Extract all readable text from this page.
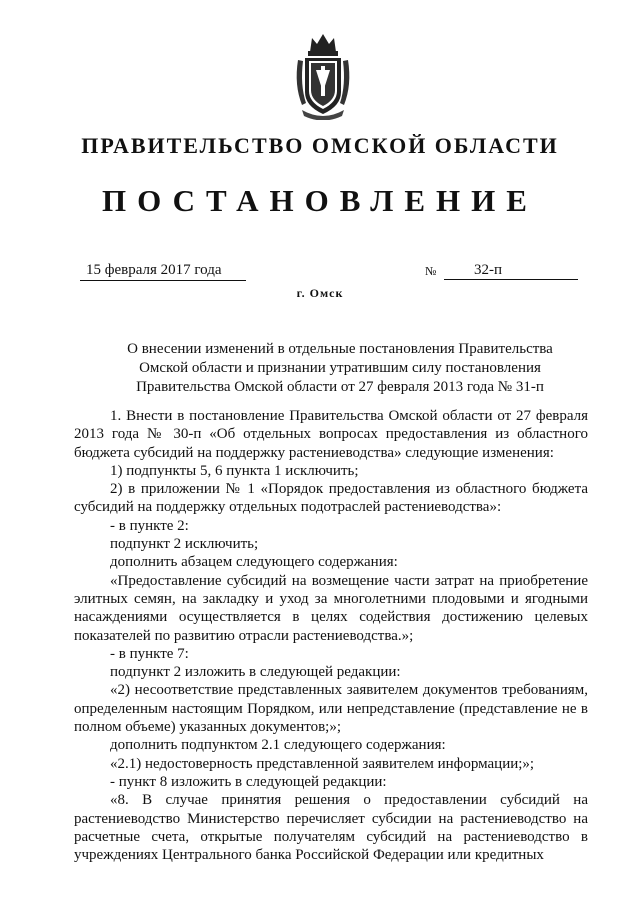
ПРАВИТЕЛЬСТВО ОМСКОЙ ОБЛАСТИ
ПОСТАНОВЛЕНИЕ
15 февраля 2017 года	№	32-п
г. Омск
О внесении изменений в отдельные постановления Правительства
Омской области и признании утратившим силу постановления
Правительства Омской области от 27 февраля 2013 года № 31-п

1. Внести в постановление Правительства Омской области от 27 февраля 2013 года № 30-п «Об отдельных вопросах предоставления из областного бюджета субсидий на поддержку растениеводства» следующие изменения:

1) подпункты 5, 6 пункта 1 исключить;

2) в приложении № 1 «Порядок предоставления из областного бюджета субсидий на поддержку отдельных подотраслей растениеводства»:

- в пункте 2:

подпункт 2 исключить;

дополнить абзацем следующего содержания:

«Предоставление субсидий на возмещение части затрат на приобретение элитных семян, на закладку и уход за многолетними плодовыми и ягодными насаждениями осуществляется в целях содействия достижению целевых показателей по развитию отрасли растениеводства.»;

- в пункте 7:

подпункт 2 изложить в следующей редакции:

«2) несоответствие представленных заявителем документов требованиям, определенным настоящим Порядком, или непредставление (представление не в полном объеме) указанных документов;»;

дополнить подпунктом 2.1 следующего содержания:

«2.1) недостоверность представленной заявителем информации;»;

- пункт 8 изложить в следующей редакции:

«8. В случае принятия решения о предоставлении субсидий на растениеводство Министерство перечисляет субсидии на растениеводство на расчетные счета, открытые получателям субсидий на растениеводство в учреждениях Центрального банка Российской Федерации или кредитных
